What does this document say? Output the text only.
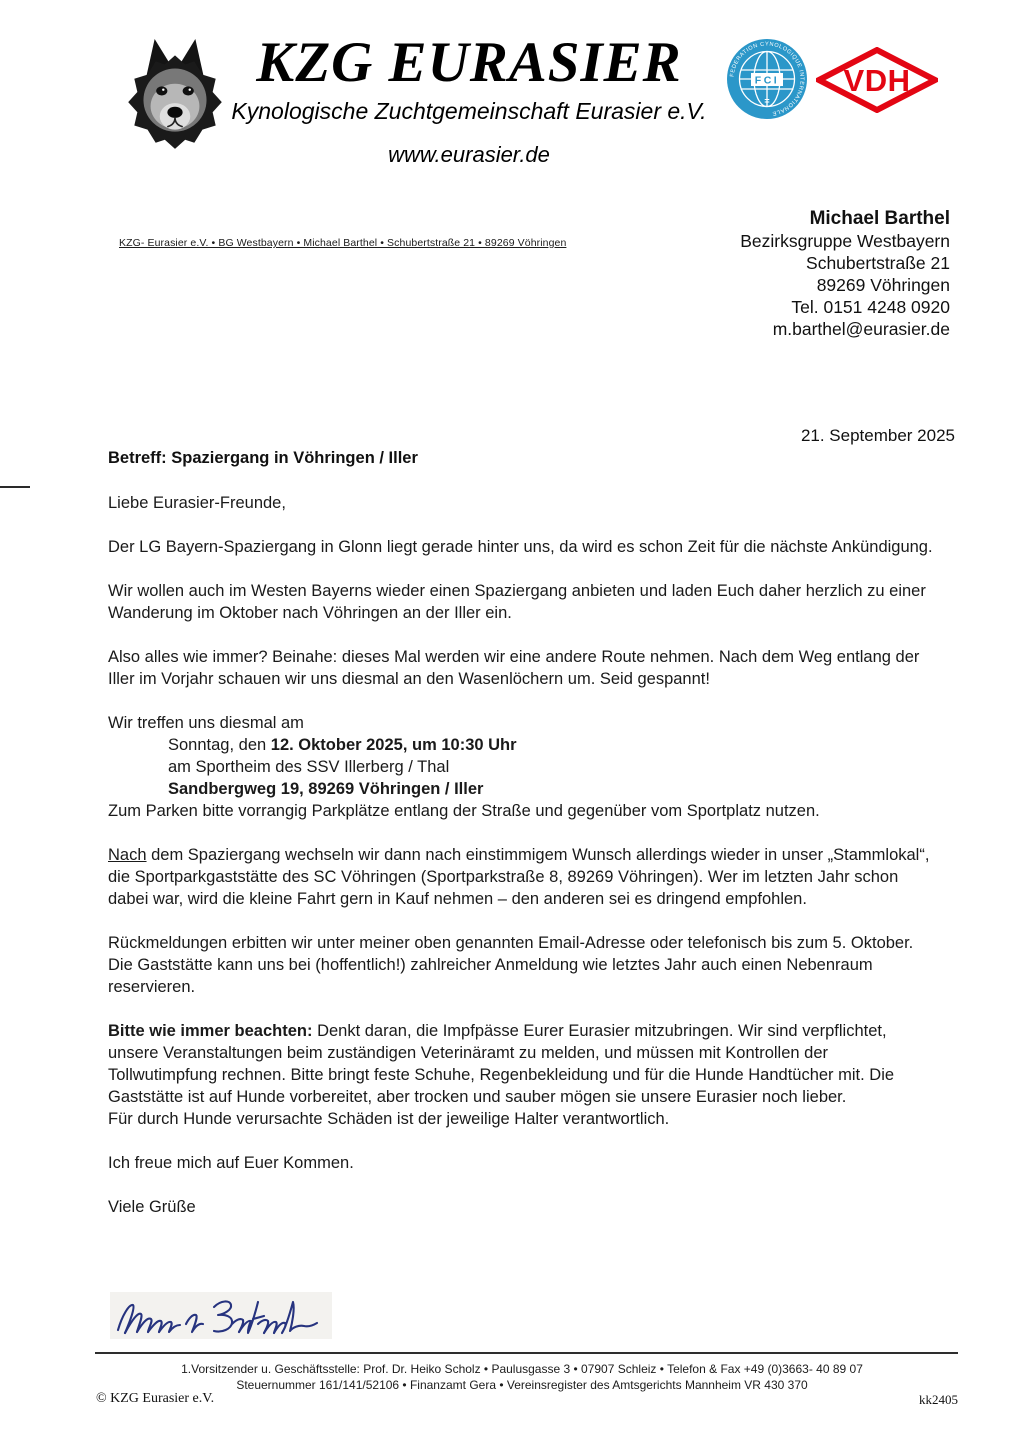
KZG EURASIER
Kynologische Zuchtgemeinschaft Eurasier e.V.
www.eurasier.de
FEDERATION CYNOLOGIQUE INTERNATIONALE
FCI
=
VDH
KZG- Eurasier e.V. • BG Westbayern • Michael Barthel • Schubertstraße 21 • 89269 Vöhringen
Michael Barthel
Bezirksgruppe Westbayern
Schubertstraße 21
89269 Vöhringen
Tel. 0151 4248 0920
m.barthel@eurasier.de
21. September 2025
Betreff: Spaziergang in Vöhringen / Iller

Liebe Eurasier-Freunde,

Der LG Bayern-Spaziergang in Glonn liegt gerade hinter uns, da wird es schon Zeit für die nächste Ankündigung.

Wir wollen auch im Westen Bayerns wieder einen Spaziergang anbieten und laden Euch daher herzlich zu einer Wanderung im Oktober nach Vöhringen an der Iller ein.

Also alles wie immer? Beinahe: dieses Mal werden wir eine andere Route nehmen. Nach dem Weg entlang der Iller im Vorjahr schauen wir uns diesmal an den Wasenlöchern um. Seid gespannt!

Wir treffen uns diesmal am
Sonntag, den 12. Oktober 2025, um 10:30 Uhr
am Sportheim des SSV Illerberg / Thal
Sandbergweg 19, 89269 Vöhringen / Iller
Zum Parken bitte vorrangig Parkplätze entlang der Straße und gegenüber vom Sportplatz nutzen.

Nach dem Spaziergang wechseln wir dann nach einstimmigem Wunsch allerdings wieder in unser „Stammlokal“, die Sportparkgaststätte des SC Vöhringen (Sportparkstraße 8, 89269 Vöhringen). Wer im letzten Jahr schon dabei war, wird die kleine Fahrt gern in Kauf nehmen – den anderen sei es dringend empfohlen.

Rückmeldungen erbitten wir unter meiner oben genannten Email-Adresse oder telefonisch bis zum 5. Oktober. Die Gaststätte kann uns bei (hoffentlich!) zahlreicher Anmeldung wie letztes Jahr auch einen Nebenraum reservieren.

Bitte wie immer beachten: Denkt daran, die Impfpässe Eurer Eurasier mitzubringen. Wir sind verpflichtet, unsere Veranstaltungen beim zuständigen Veterinäramt zu melden, und müssen mit Kontrollen der Tollwutimpfung rechnen. Bitte bringt feste Schuhe, Regenbekleidung und für die Hunde Handtücher mit. Die Gaststätte ist auf Hunde vorbereitet, aber trocken und sauber mögen sie unsere Eurasier noch lieber.
Für durch Hunde verursachte Schäden ist der jeweilige Halter verantwortlich.

Ich freue mich auf Euer Kommen.

Viele Grüße

1.Vorsitzender u. Geschäftsstelle: Prof. Dr. Heiko Scholz • Paulusgasse 3 • 07907 Schleiz • Telefon & Fax +49 (0)3663- 40 89 07
Steuernummer 161/141/52106 • Finanzamt Gera • Vereinsregister des Amtsgerichts Mannheim VR 430 370
© KZG Eurasier e.V.	kk2405
